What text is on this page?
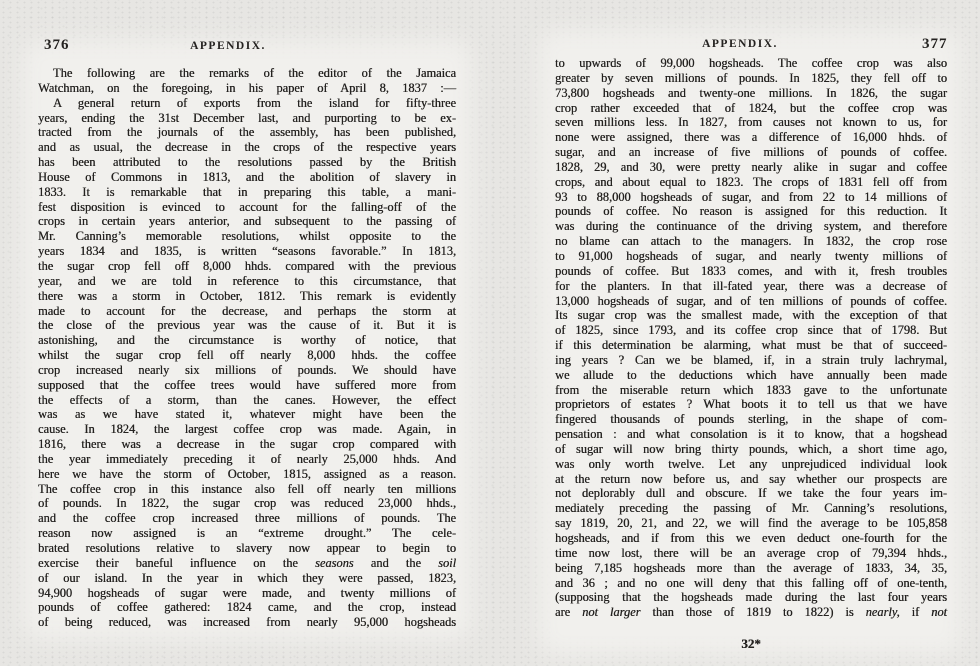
376	APPENDIX.	APPENDIX.	377
The following are the remarks of the editor of the Jamaica
Watchman, on the foregoing, in his paper of April 8, 1837 :—
A general return of exports from the island for fifty-three
years, ending the 31st December last, and purporting to be ex-
tracted from the journals of the assembly, has been published,
and as usual, the decrease in the crops of the respective years
has been attributed to the resolutions passed by the British
House of Commons in 1813, and the abolition of slavery in
1833. It is remarkable that in preparing this table, a mani-
fest disposition is evinced to account for the falling-off of the
crops in certain years anterior, and subsequent to the passing of
Mr. Canning’s memorable resolutions, whilst opposite to the
years 1834 and 1835, is written “seasons favorable.” In 1813,
the sugar crop fell off 8,000 hhds. compared with the previous
year, and we are told in reference to this circumstance, that
there was a storm in October, 1812. This remark is evidently
made to account for the decrease, and perhaps the storm at
the close of the previous year was the cause of it. But it is
astonishing, and the circumstance is worthy of notice, that
whilst the sugar crop fell off nearly 8,000 hhds. the coffee
crop increased nearly six millions of pounds. We should have
supposed that the coffee trees would have suffered more from
the effects of a storm, than the canes. However, the effect
was as we have stated it, whatever might have been the
cause. In 1824, the largest coffee crop was made. Again, in
1816, there was a decrease in the sugar crop compared with
the year immediately preceding it of nearly 25,000 hhds. And
here we have the storm of October, 1815, assigned as a reason.
The coffee crop in this instance also fell off nearly ten millions
of pounds. In 1822, the sugar crop was reduced 23,000 hhds.,
and the coffee crop increased three millions of pounds. The
reason now assigned is an “extreme drought.” The cele-
brated resolutions relative to slavery now appear to begin to
exercise their baneful influence on the seasons and the soil
of our island. In the year in which they were passed, 1823,
94,900 hogsheads of sugar were made, and twenty millions of
pounds of coffee gathered: 1824 came, and the crop, instead
of being reduced, was increased from nearly 95,000 hogsheads
to upwards of 99,000 hogsheads. The coffee crop was also
greater by seven millions of pounds. In 1825, they fell off to
73,800 hogsheads and twenty-one millions. In 1826, the sugar
crop rather exceeded that of 1824, but the coffee crop was
seven millions less. In 1827, from causes not known to us, for
none were assigned, there was a difference of 16,000 hhds. of
sugar, and an increase of five millions of pounds of coffee.
1828, 29, and 30, were pretty nearly alike in sugar and coffee
crops, and about equal to 1823. The crops of 1831 fell off from
93 to 88,000 hogsheads of sugar, and from 22 to 14 millions of
pounds of coffee. No reason is assigned for this reduction. It
was during the continuance of the driving system, and therefore
no blame can attach to the managers. In 1832, the crop rose
to 91,000 hogsheads of sugar, and nearly twenty millions of
pounds of coffee. But 1833 comes, and with it, fresh troubles
for the planters. In that ill-fated year, there was a decrease of
13,000 hogsheads of sugar, and of ten millions of pounds of coffee.
Its sugar crop was the smallest made, with the exception of that
of 1825, since 1793, and its coffee crop since that of 1798. But
if this determination be alarming, what must be that of succeed-
ing years ? Can we be blamed, if, in a strain truly lachrymal,
we allude to the deductions which have annually been made
from the miserable return which 1833 gave to the unfortunate
proprietors of estates ? What boots it to tell us that we have
fingered thousands of pounds sterling, in the shape of com-
pensation : and what consolation is it to know, that a hogshead
of sugar will now bring thirty pounds, which, a short time ago,
was only worth twelve. Let any unprejudiced individual look
at the return now before us, and say whether our prospects are
not deplorably dull and obscure. If we take the four years im-
mediately preceding the passing of Mr. Canning’s resolutions,
say 1819, 20, 21, and 22, we will find the average to be 105,858
hogsheads, and if from this we even deduct one-fourth for the
time now lost, there will be an average crop of 79,394 hhds.,
being 7,185 hogsheads more than the average of 1833, 34, 35,
and 36 ; and no one will deny that this falling off of one-tenth,
(supposing that the hogsheads made during the last four years
are not larger than those of 1819 to 1822) is nearly, if not
32*
